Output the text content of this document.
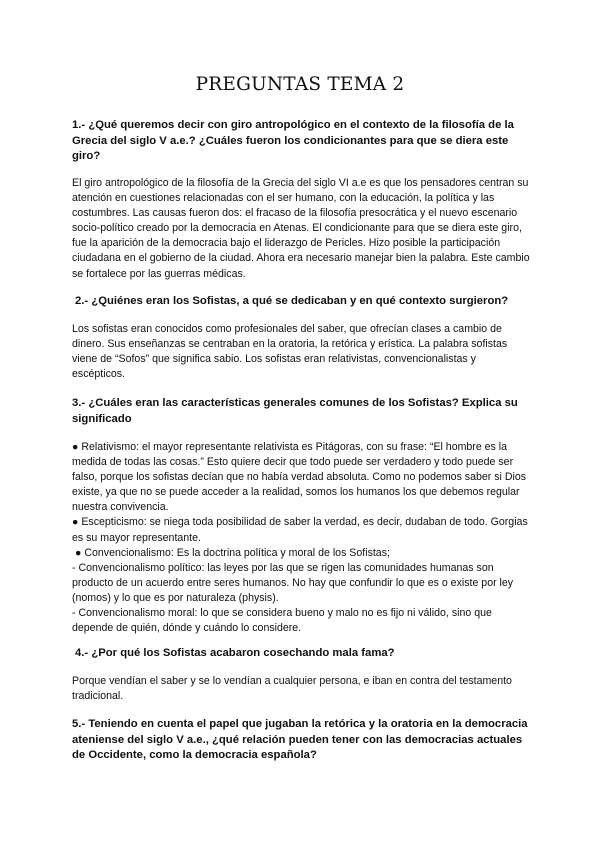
PREGUNTAS TEMA 2
1.- ¿Qué queremos decir con giro antropológico en el contexto de la filosofía de la Grecia del siglo V a.e.? ¿Cuáles fueron los condicionantes para que se diera este giro?
El giro antropológico de la filosofía de la Grecia del siglo VI a.e es que los pensadores centran su atención en cuestiones relacionadas con el ser humano, con la educación, la política y las costumbres. Las causas fueron dos: el fracaso de la filosofía presocrática y el nuevo escenario socio-político creado por la democracia en Atenas. El condicionante para que se diera este giro, fue la aparición de la democracia bajo el liderazgo de Pericles. Hizo posible la participación ciudadana en el gobierno de la ciudad. Ahora era necesario manejar bien la palabra. Este cambio se fortalece por las guerras médicas.
2.- ¿Quiénes eran los Sofistas, a qué se dedicaban y en qué contexto surgieron?
Los sofistas eran conocidos como profesionales del saber, que ofrecían clases a cambio de dinero. Sus enseñanzas se centraban en la oratoria, la retórica y erística. La palabra sofistas viene de “Sofos” que significa sabio. Los sofistas eran relativistas, convencionalistas y escépticos.
3.- ¿Cuáles eran las características generales comunes de los Sofistas? Explica su significado
● Relativismo: el mayor representante relativista es Pitágoras, con su frase: “El hombre es la medida de todas las cosas.” Esto quiere decir que todo puede ser verdadero y todo puede ser falso, porque los sofistas decían que no había verdad absoluta. Como no podemos saber si Dios existe, ya que no se puede acceder a la realidad, somos los humanos los que debemos regular nuestra convivencia.
● Escepticismo: se niega toda posibilidad de saber la verdad, es decir, dudaban de todo. Gorgias es su mayor representante.
● Convencionalismo: Es la doctrina política y moral de los Sofistas;
- Convencionalismo político: las leyes por las que se rigen las comunidades humanas son producto de un acuerdo entre seres humanos. No hay que confundir lo que es o existe por ley (nomos) y lo que es por naturaleza (physis).
- Convencionalismo moral: lo que se considera bueno y malo no es fijo ni válido, sino que depende de quién, dónde y cuándo lo considere.
4.- ¿Por qué los Sofistas acabaron cosechando mala fama?
Porque vendían el saber y se lo vendían a cualquier persona, e iban en contra del testamento tradicional.
5.- Teniendo en cuenta el papel que jugaban la retórica y la oratoria en la democracia ateniense del siglo V a.e., ¿qué relación pueden tener con las democracias actuales de Occidente, como la democracia española?
